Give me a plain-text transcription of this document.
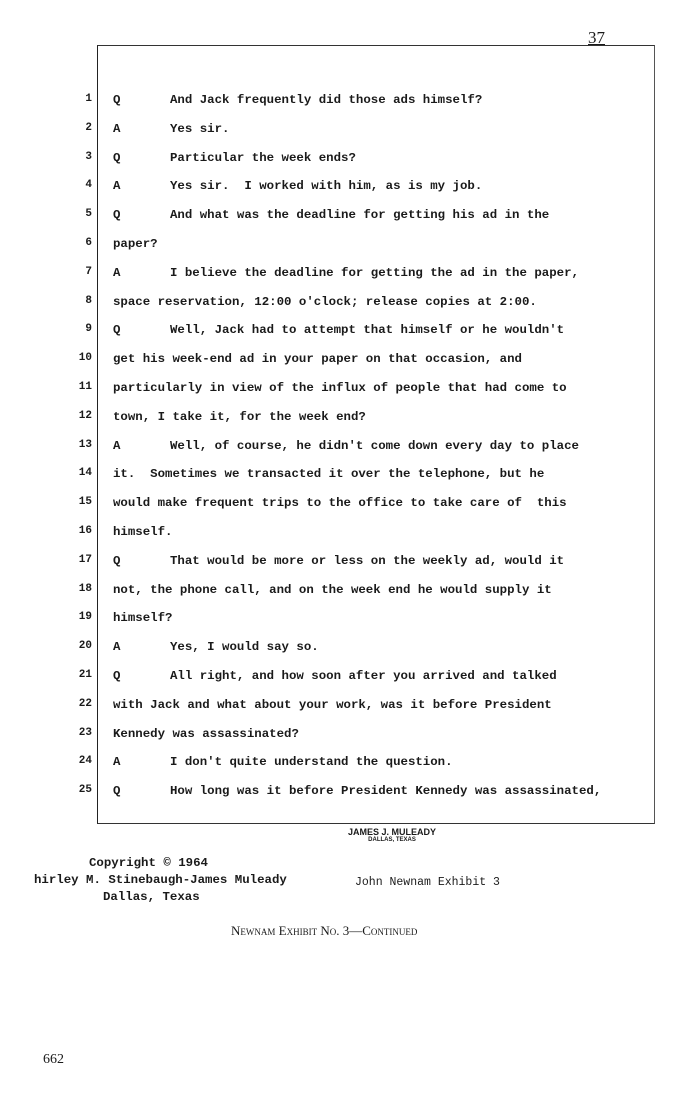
37
1 Q	And Jack frequently did those ads himself?
2 A	Yes sir.
3 Q	Particular the week ends?
4 A	Yes sir.  I worked with him, as is my job.
5 Q	And what was the deadline for getting his ad in the
6 paper?
7 A	I believe the deadline for getting the ad in the paper,
8 space reservation, 12:00 o'clock; release copies at 2:00.
9 Q	Well, Jack had to attempt that himself or he wouldn't
10 get his week-end ad in your paper on that occasion, and
11 particularly in view of the influx of people that had come to
12 town, I take it, for the week end?
13 A	Well, of course, he didn't come down every day to place
14 it.  Sometimes we transacted it over the telephone, but he
15 would make frequent trips to the office to take care of  this
16 himself.
17 Q	That would be more or less on the weekly ad, would it
18 not, the phone call, and on the week end he would supply it
19 himself?
20 A	Yes, I would say so.
21 Q	All right, and how soon after you arrived and talked
22 with Jack and what about your work, was it before President
23 Kennedy was assassinated?
24 A	I don't quite understand the question.
25 Q	How long was it before President Kennedy was assassinated,
JAMES J. MULEADY
DALLAS, TEXAS
Copyright © 1964
hirley M. Stinebaugh-James Muleady
Dallas, Texas
John Newnam Exhibit 3
Newnam Exhibit No. 3—Continued
662
